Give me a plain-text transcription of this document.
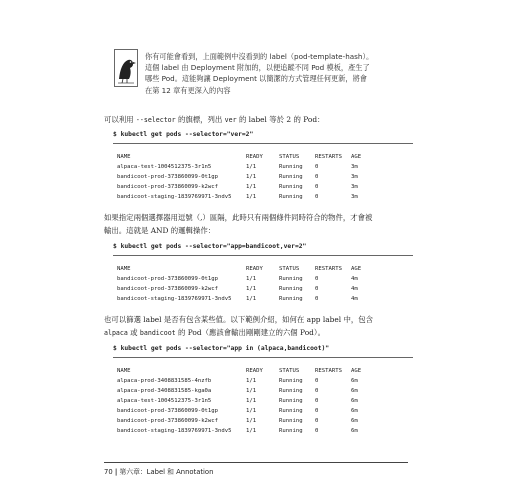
你有可能會看到，上面範例中沒看到的 label（pod-template-hash）。
這個 label 由 Deployment 附加的，以便追蹤不同 Pod 模板，產生了
哪些 Pod。這能夠讓 Deployment 以簡潔的方式管理任何更新，將會
在第 12 章有更深入的內容
可以利用 --selector 的旗標，列出 ver 的 label 等於 2 的 Pod：
$ kubectl get pods --selector="ver=2"
NAME	READY	STATUS	RESTARTS AGE
alpaca-test-1004512375-3r1n5	1/1	Running 0	3m
bandicoot-prod-373860099-0t1gp	1/1	Running 0	3m
bandicoot-prod-373860099-k2wcf	1/1	Running 0	3m
bandicoot-staging-1839769971-3ndv5	1/1	Running 0	3m
如果指定兩個選擇器用逗號（,）區隔，此時只有兩個條件同時符合的物件，才會被
輸出。這就是 AND 的邏輯操作：
$ kubectl get pods --selector="app=bandicoot,ver=2"
NAME	READY	STATUS	RESTARTS AGE
bandicoot-prod-373860099-0t1gp	1/1	Running 0	4m
bandicoot-prod-373860099-k2wcf	1/1	Running 0	4m
bandicoot-staging-1839769971-3ndv5	1/1	Running 0	4m
也可以篩選 label 是否有包含某些值。以下範例介紹，如何在 app label 中，包含
alpaca 或 bandicoot 的 Pod（應該會輸出剛剛建立的六個 Pod）。
$ kubectl get pods --selector="app in (alpaca,bandicoot)"
NAME	READY	STATUS	RESTARTS AGE
alpaca-prod-3408831585-4nzfb	1/1	Running 0	6m
alpaca-prod-3408831585-kga0a	1/1	Running 0	6m
alpaca-test-1004512375-3r1n5	1/1	Running 0	6m
bandicoot-prod-373860099-0t1gp	1/1	Running 0	6m
bandicoot-prod-373860099-k2wcf	1/1	Running 0	6m
bandicoot-staging-1839769971-3ndv5	1/1	Running 0	6m
70 | 第六章：Label 和 Annotation
